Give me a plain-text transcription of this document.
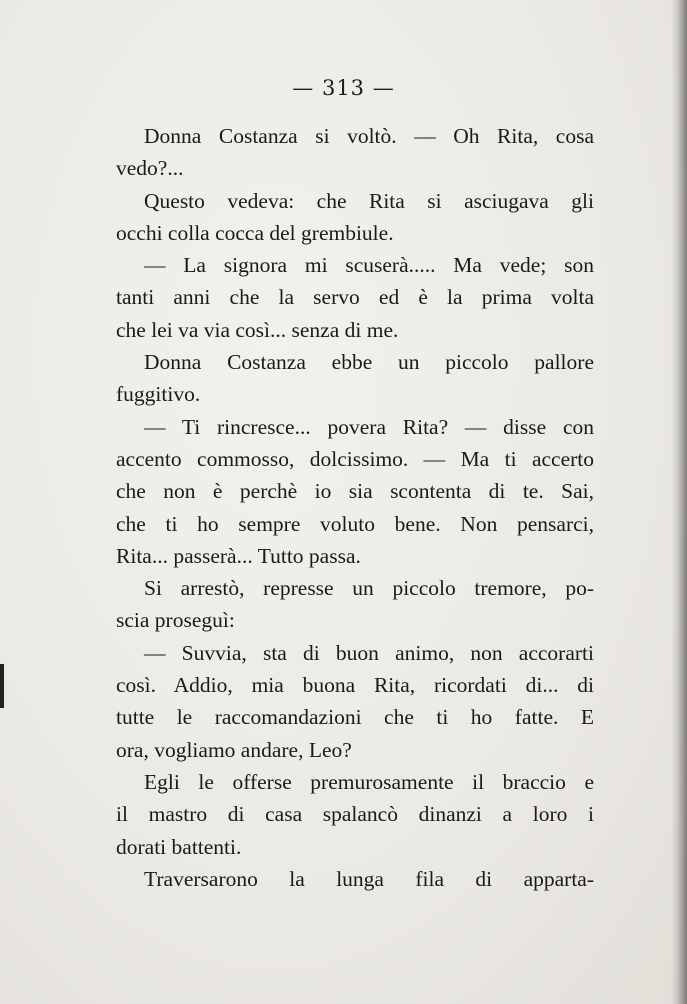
— 313 —
Donna Costanza si voltò. — Oh Rita, cosa
vedo?...
Questo vedeva: che Rita si asciugava gli
occhi colla cocca del grembiule.
— La signora mi scuserà..... Ma vede; son
tanti anni che la servo ed è la prima volta
che lei va via così... senza di me.
Donna Costanza ebbe un piccolo pallore
fuggitivo.
— Ti rincresce... povera Rita? — disse con
accento commosso, dolcissimo. — Ma ti accerto
che non è perchè io sia scontenta di te. Sai,
che ti ho sempre voluto bene. Non pensarci,
Rita... passerà... Tutto passa.
Si arrestò, represse un piccolo tremore, po-
scia proseguì:
— Suvvia, sta di buon animo, non accorarti
così. Addio, mia buona Rita, ricordati di... di
tutte le raccomandazioni che ti ho fatte. E
ora, vogliamo andare, Leo?
Egli le offerse premurosamente il braccio e
il mastro di casa spalancò dinanzi a loro i
dorati battenti.
Traversarono la lunga fila di apparta-
